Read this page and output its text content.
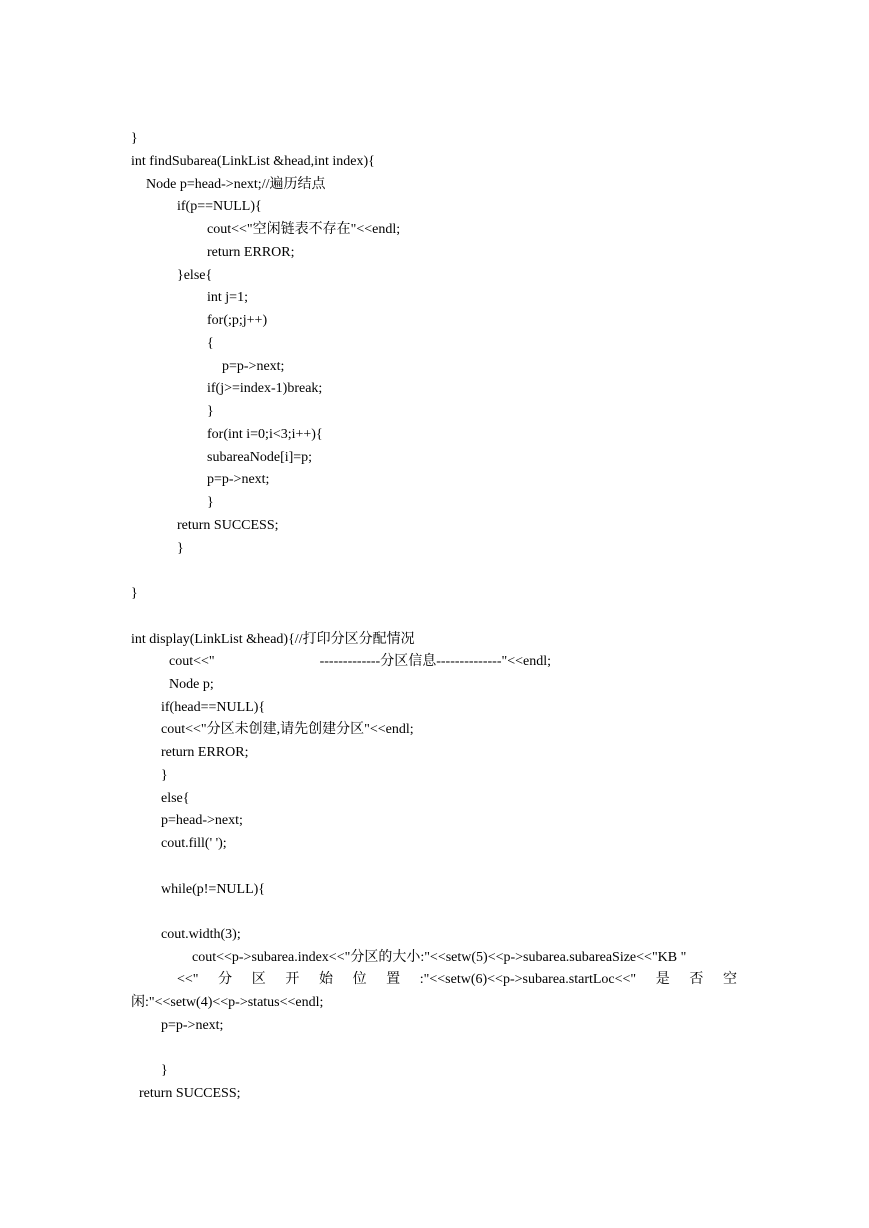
}
int findSubarea(LinkList &head,int index){
Node p=head->next;//遍历结点
if(p==NULL){
cout<<"空闲链表不存在"<<endl;
return ERROR;
}else{
int j=1;
for(;p;j++)
{
p=p->next;
if(j>=index-1)break;
}
for(int i=0;i<3;i++){
subareaNode[i]=p;
p=p->next;
}
return SUCCESS;
}
}
int display(LinkList &head){//打印分区分配情况
cout<<"                              -------------分区信息--------------"<<endl;
Node p;
if(head==NULL){
cout<<"分区未创建,请先创建分区"<<endl;
return ERROR;
}
else{
p=head->next;
cout.fill(' ');
while(p!=NULL){
cout.width(3);
cout<<p->subarea.index<<"分区的大小:"<<setw(5)<<p->subarea.subareaSize<<"KB "
<<" 分 区 开 始 位 置 :"<<setw(6)<<p->subarea.startLoc<<" 是 否 空
闲:"<<setw(4)<<p->status<<endl;
p=p->next;
}
return SUCCESS;
